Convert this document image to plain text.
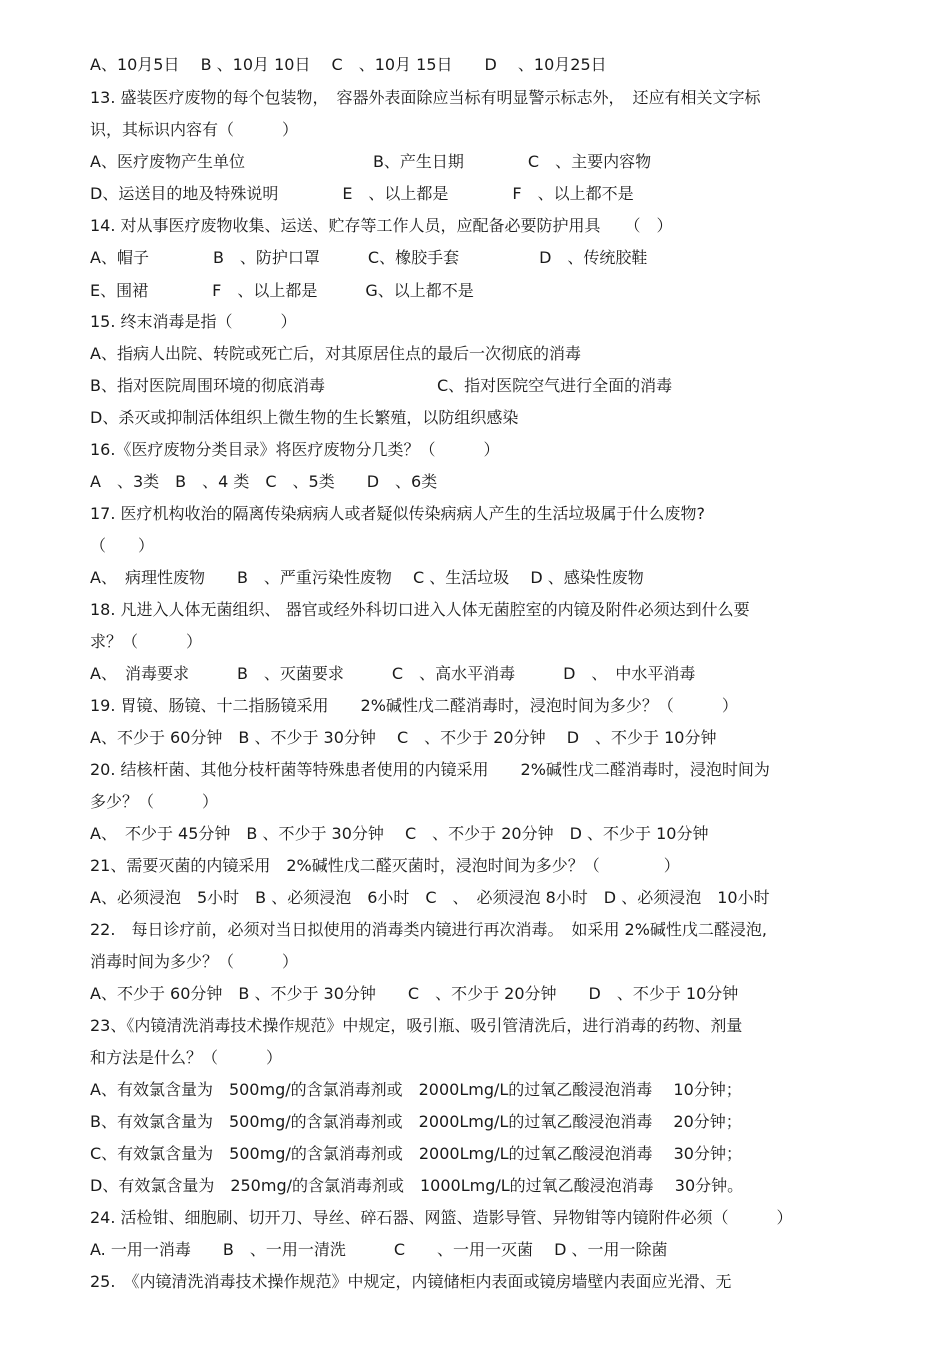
A、10月5日　 B 、10月 10日　 C　、10月 15日　　D　 、10月25日
13. 盛装医疗废物的每个包装物，　容器外表面除应当标有明显警示标志外，　还应有相关文字标
识，其标识内容有（　　　）
A、医疗废物产生单位　　　　　　　　B、产生日期　　　　C　、主要内容物
D、运送目的地及特殊说明　　　　E　、以上都是　　　　F　、以上都不是
14. 对从事医疗废物收集、运送、贮存等工作人员，应配备必要防护用具　　（　）
A、帽子　　　　B　、防护口罩　　　C、橡胶手套　　　　　D　、传统胶鞋
E、围裙　　　　F　、以上都是　　　G、以上都不是
15. 终末消毒是指（　　　）
A、指病人出院、转院或死亡后，对其原居住点的最后一次彻底的消毒
B、指对医院周围环境的彻底消毒　　　　　　　C、指对医院空气进行全面的消毒
D、杀灭或抑制活体组织上微生物的生长繁殖，以防组织感染
16.《医疗废物分类目录》将医疗废物分几类？（　　　）
A　、3类　B　、4 类　C　、5类　　D　、6类
17. 医疗机构收治的隔离传染病病人或者疑似传染病病人产生的生活垃圾属于什么废物?
（　　）
A、　病理性废物　　B　、严重污染性废物　 C 、生活垃圾　 D 、感染性废物
18. 凡进入人体无菌组织、 器官或经外科切口进入人体无菌腔室的内镜及附件必须达到什么要
求？（　　　）
A、　消毒要求　　　B　、灭菌要求　　　C　、高水平消毒　　　D　、　中水平消毒
19. 胃镜、肠镜、十二指肠镜采用　　2%碱性戊二醛消毒时，浸泡时间为多少？（　　　）
A、不少于 60分钟　B 、不少于 30分钟　 C　、不少于 20分钟　 D　、不少于 10分钟
20. 结核杆菌、其他分枝杆菌等特殊患者使用的内镜采用　　2%碱性戊二醛消毒时，浸泡时间为
多少？（　　　）
A、　不少于 45分钟　B 、不少于 30分钟　 C　、不少于 20分钟　D 、不少于 10分钟
21、需要灭菌的内镜采用　2%碱性戊二醛灭菌时，浸泡时间为多少？（　　　　）
A、必须浸泡　5小时　B 、必须浸泡　6小时　C　、　必须浸泡 8小时　D 、必须浸泡　10小时
22.　每日诊疗前，必须对当日拟使用的消毒类内镜进行再次消毒。　如采用 2%碱性戊二醛浸泡,
消毒时间为多少？（　　　）
A、不少于 60分钟　B 、不少于 30分钟　　C　、不少于 20分钟　　D　、不少于 10分钟
23、《内镜清洗消毒技术操作规范》中规定，吸引瓶、吸引管清洗后，进行消毒的药物、剂量
和方法是什么？（　　　）
A、有效氯含量为　500mg/的含氯消毒剂或　2000Lmg/L的过氧乙酸浸泡消毒　 10分钟；
B、有效氯含量为　500mg/的含氯消毒剂或　2000Lmg/L的过氧乙酸浸泡消毒　 20分钟；
C、有效氯含量为　500mg/的含氯消毒剂或　2000Lmg/L的过氧乙酸浸泡消毒　 30分钟；
D、有效氯含量为　250mg/的含氯消毒剂或　1000Lmg/L的过氧乙酸浸泡消毒　 30分钟。
24. 活检钳、细胞刷、切开刀、导丝、碎石器、网篮、造影导管、异物钳等内镜附件必须（　　　）
A. 一用一消毒　　B　、一用一清洗　　　C　　、一用一灭菌　 D 、一用一除菌
25.　《内镜清洗消毒技术操作规范》中规定，内镜储柜内表面或镜房墙壁内表面应光滑、无
